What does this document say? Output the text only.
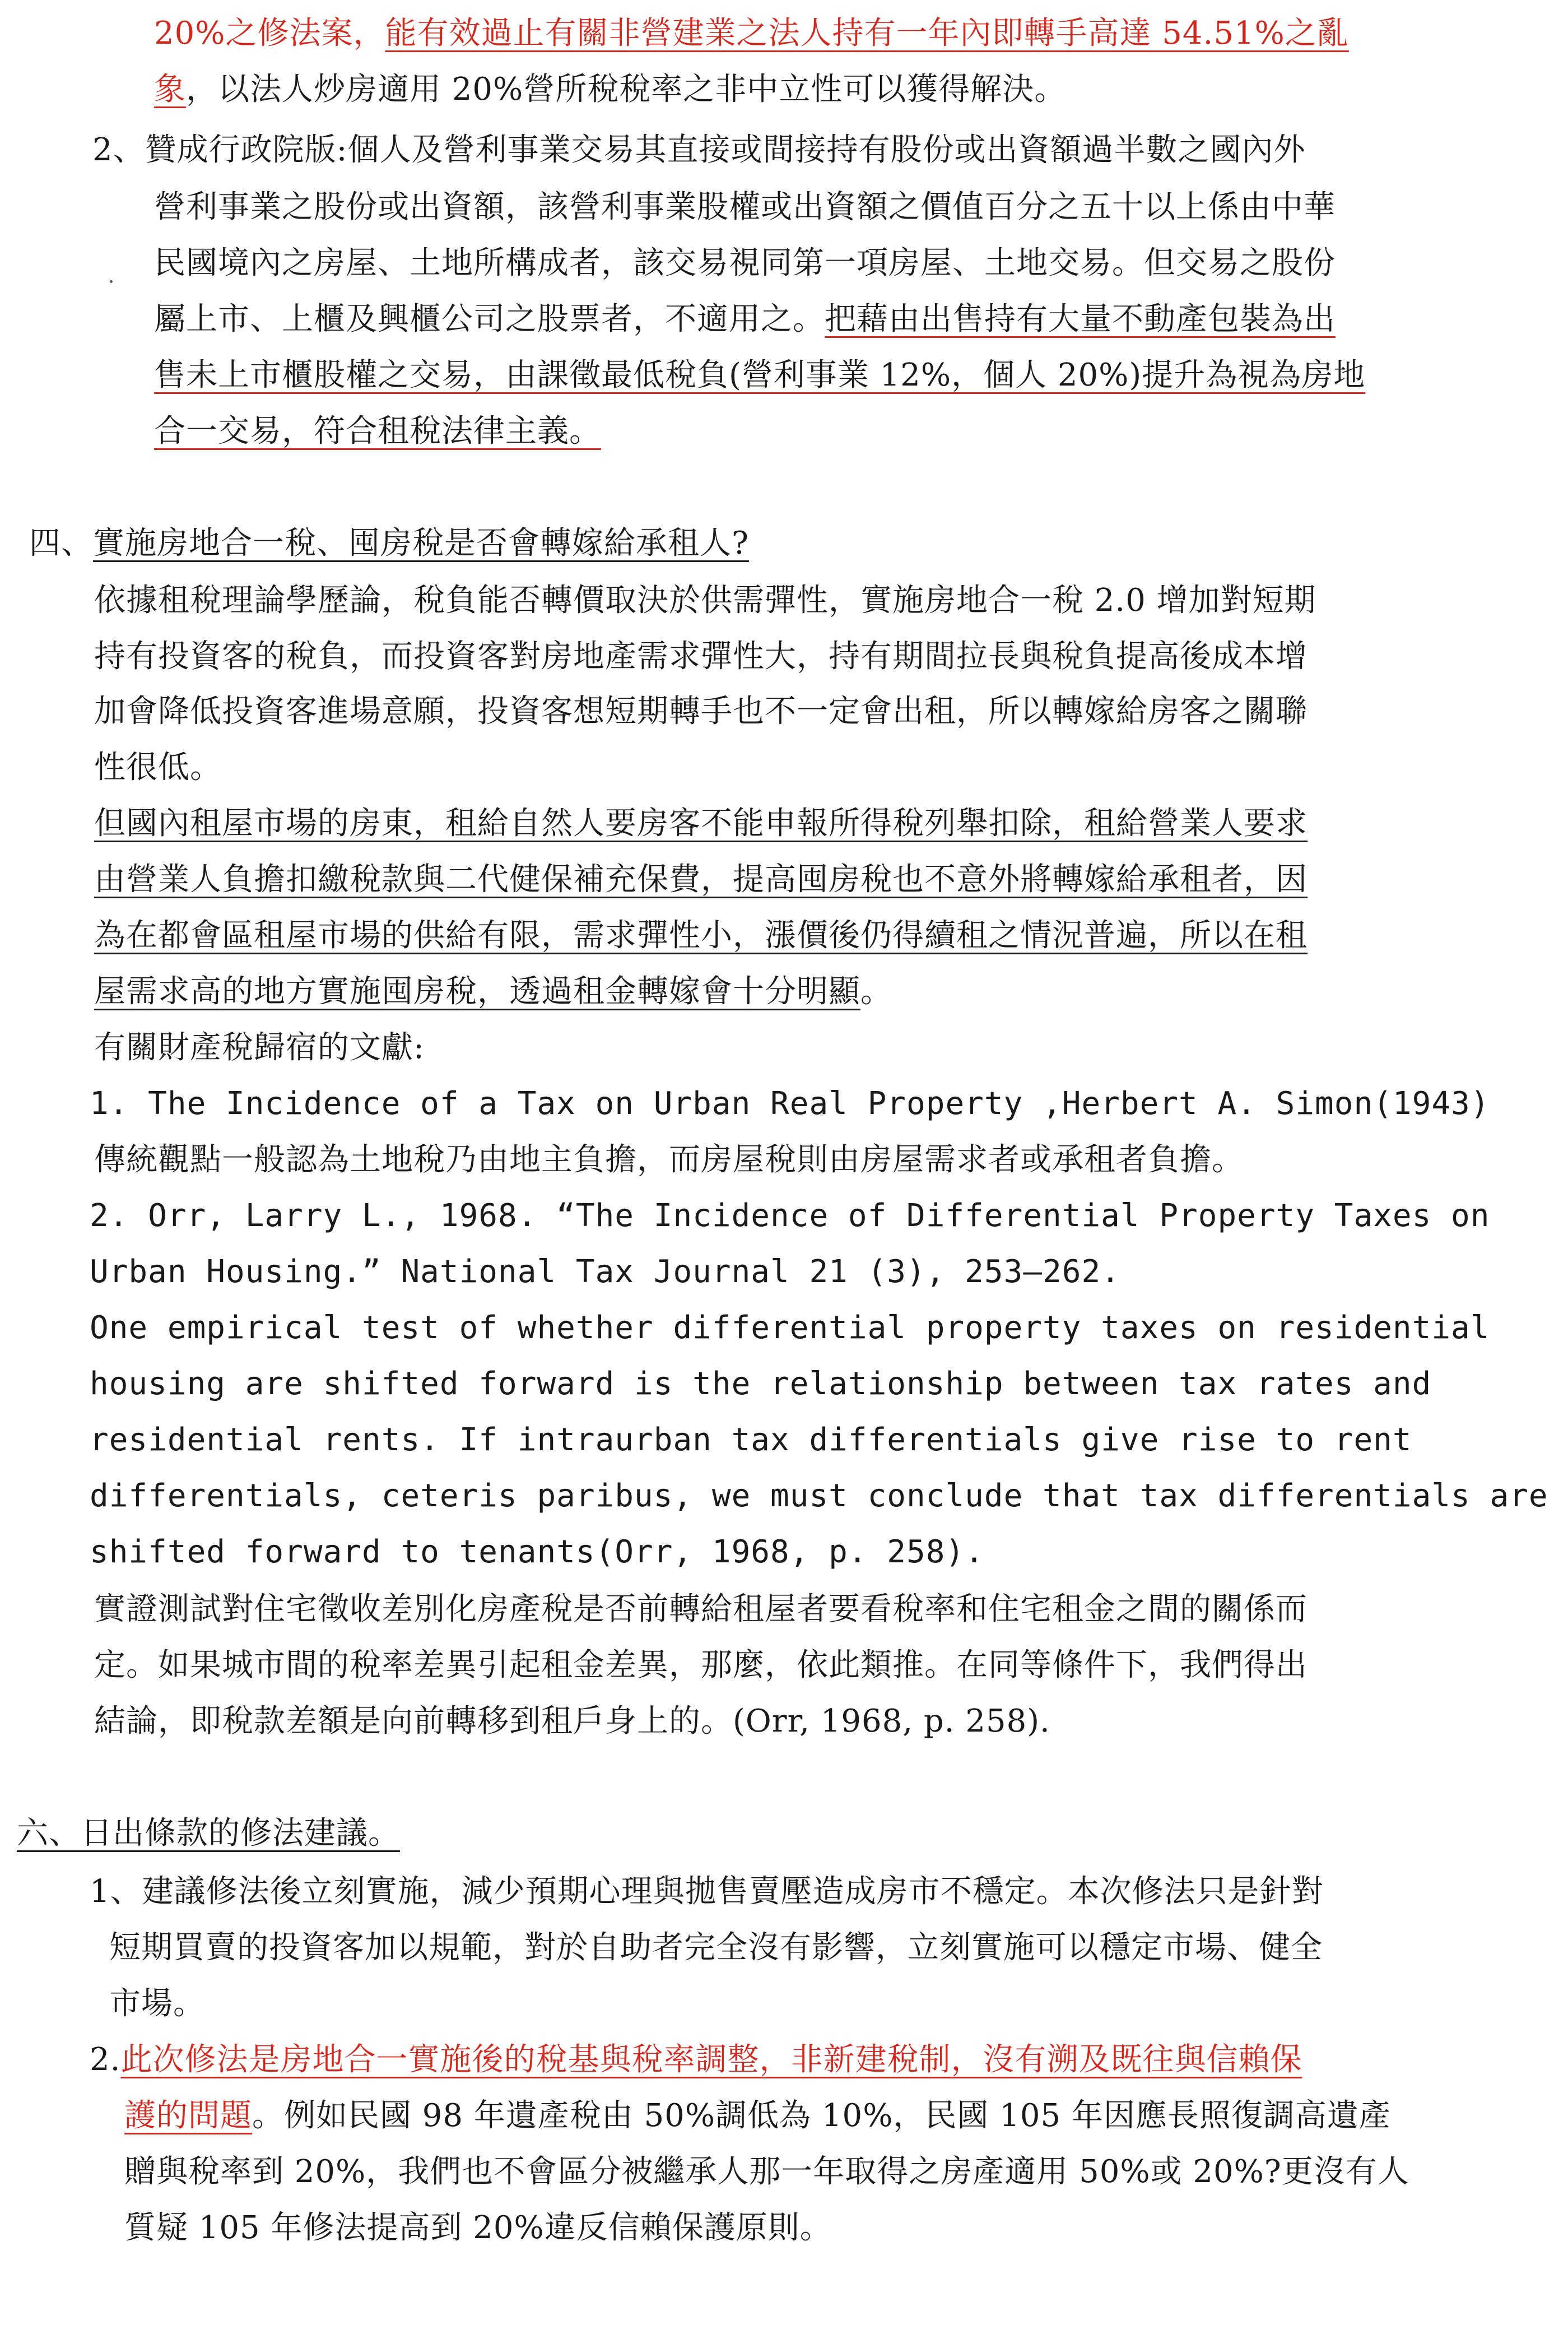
20%之修法案，能有效過止有關非營建業之法人持有一年內即轉手高達 54.51%之亂
象，以法人炒房適用 20%營所稅稅率之非中立性可以獲得解決。
2、贊成行政院版:個人及營利事業交易其直接或間接持有股份或出資額過半數之國內外
營利事業之股份或出資額，該營利事業股權或出資額之價值百分之五十以上係由中華
民國境內之房屋、土地所構成者，該交易視同第一項房屋、土地交易。但交易之股份
屬上市、上櫃及興櫃公司之股票者，不適用之。把藉由出售持有大量不動產包裝為出
售未上市櫃股權之交易，由課徵最低稅負(營利事業 12%，個人 20%)提升為視為房地
合一交易，符合租稅法律主義。
四、實施房地合一稅、囤房稅是否會轉嫁給承租人?
依據租稅理論學歷論，稅負能否轉價取決於供需彈性，實施房地合一稅 2.0 增加對短期
持有投資客的稅負，而投資客對房地產需求彈性大，持有期間拉長與稅負提高後成本增
加會降低投資客進場意願，投資客想短期轉手也不一定會出租，所以轉嫁給房客之關聯
性很低。
但國內租屋市場的房東，租給自然人要房客不能申報所得稅列舉扣除，租給營業人要求
由營業人負擔扣繳稅款與二代健保補充保費，提高囤房稅也不意外將轉嫁給承租者，因
為在都會區租屋市場的供給有限，需求彈性小，漲價後仍得續租之情況普遍，所以在租
屋需求高的地方實施囤房稅，透過租金轉嫁會十分明顯。
有關財產稅歸宿的文獻:
1. The Incidence of a Tax on Urban Real Property ,Herbert A. Simon(1943)
傳統觀點一般認為土地稅乃由地主負擔，而房屋稅則由房屋需求者或承租者負擔。
2. Orr, Larry L., 1968. “The Incidence of Differential Property Taxes on
Urban Housing.” National Tax Journal 21 (3), 253–262.
One empirical test of whether differential property taxes on residential
housing are shifted forward is the relationship between tax rates and
residential rents. If intraurban tax differentials give rise to rent
differentials, ceteris paribus, we must conclude that tax differentials are
shifted forward to tenants(Orr, 1968, p. 258).
實證測試對住宅徵收差別化房產稅是否前轉給租屋者要看稅率和住宅租金之間的關係而
定。如果城市間的稅率差異引起租金差異，那麼，依此類推。在同等條件下，我們得出
結論，即稅款差額是向前轉移到租戶身上的。(Orr, 1968, p. 258).
六、日出條款的修法建議。
1、建議修法後立刻實施，減少預期心理與拋售賣壓造成房市不穩定。本次修法只是針對
短期買賣的投資客加以規範，對於自助者完全沒有影響，立刻實施可以穩定市場、健全
市場。
2.此次修法是房地合一實施後的稅基與稅率調整，非新建稅制，沒有溯及既往與信賴保
護的問題。例如民國 98 年遺產稅由 50%調低為 10%，民國 105 年因應長照復調高遺產
贈與稅率到 20%，我們也不會區分被繼承人那一年取得之房產適用 50%或 20%?更沒有人
質疑 105 年修法提高到 20%違反信賴保護原則。
